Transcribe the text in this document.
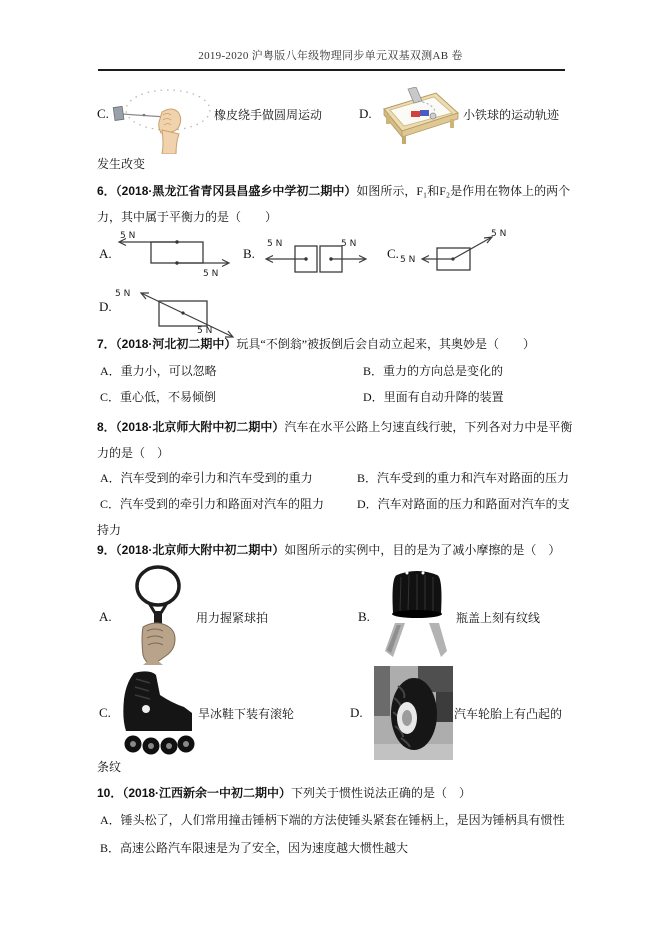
2019-2020 沪粤版八年级物理同步单元双基双测AB 卷
C.	橡皮绕手做圆周运动	D.	小铁球的运动轨迹
发生改变
6．（2018·黑龙江省青冈县昌盛乡中学初二期中）如图所示，F₁和F₂是作用在物体上的两个
力，其中属于平衡力的是（　　）
A.
5 N
5 N
B.
5 N	5 N
C. 5 N
5 N
D.
5 N
5 N
7．（2018·河北初二期中）玩具“不倒翁”被扳倒后会自动立起来，其奥妙是（　　）
A．重力小，可以忽略	B．重力的方向总是变化的
C．重心低，不易倾倒	D．里面有自动升降的装置
8．（2018·北京师大附中初二期中）汽车在水平公路上匀速直线行驶，下列各对力中是平衡
力的是（　）
A．汽车受到的牵引力和汽车受到的重力	B．汽车受到的重力和汽车对路面的压力
C．汽车受到的牵引力和路面对汽车的阻力	D．汽车对路面的压力和路面对汽车的支
持力
9．（2018·北京师大附中初二期中）如图所示的实例中，目的是为了减小摩擦的是（　）
A.	用力握紧球拍	B.	瓶盖上刻有纹线
C.	旱冰鞋下装有滚轮	D.	汽车轮胎上有凸起的
条纹
10．（2018·江西新余一中初二期中）下列关于惯性说法正确的是（　）
A．锤头松了，人们常用撞击锤柄下端的方法使锤头紧套在锤柄上，是因为锤柄具有惯性
B．高速公路汽车限速是为了安全，因为速度越大惯性越大
